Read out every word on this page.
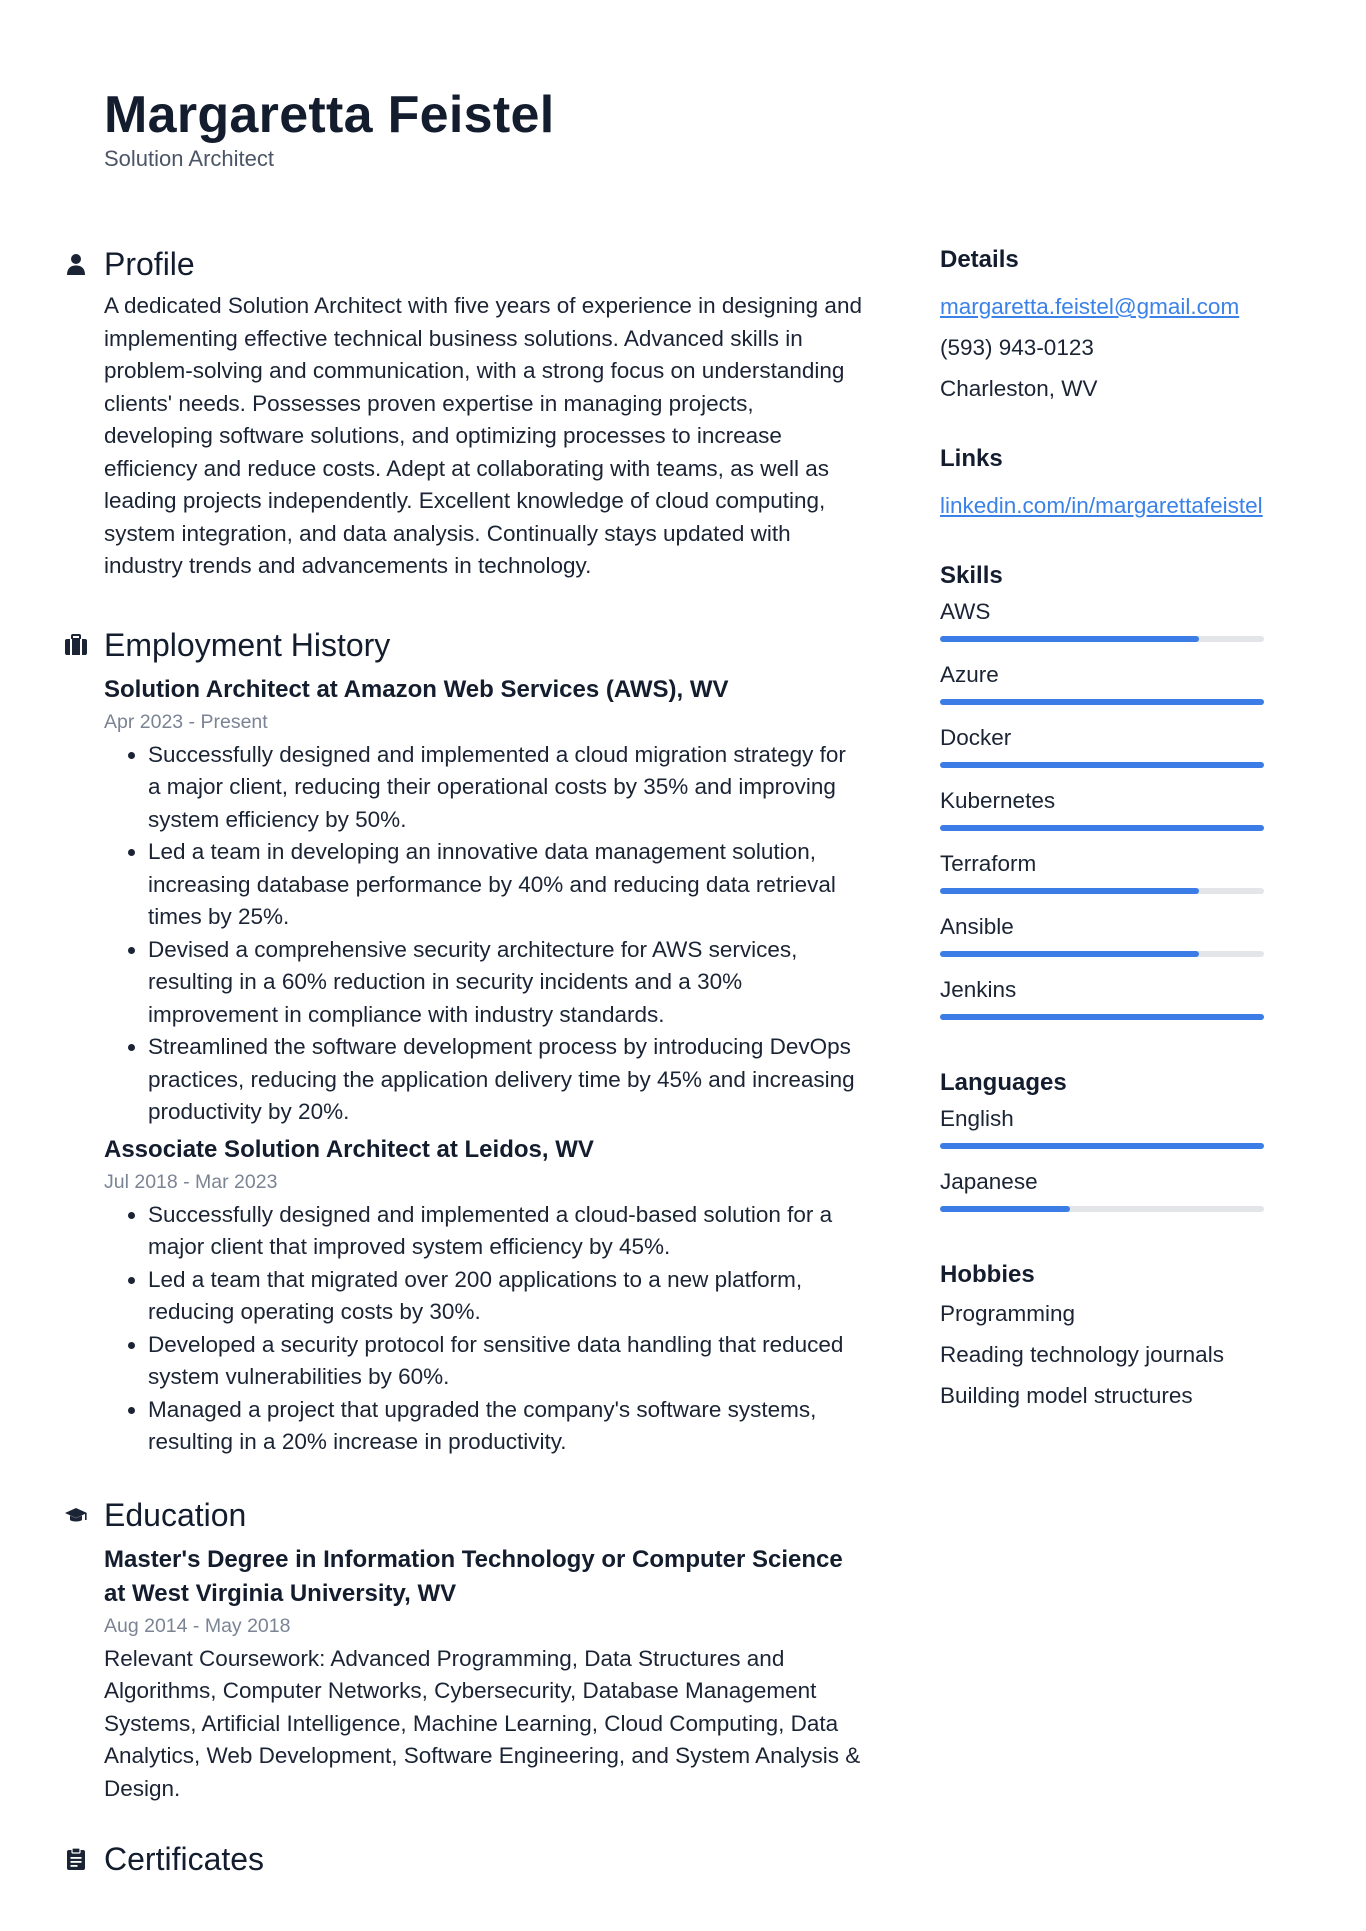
Margaretta Feistel
Solution Architect
Profile
A dedicated Solution Architect with five years of experience in designing and implementing effective technical business solutions. Advanced skills in problem-solving and communication, with a strong focus on understanding clients' needs. Possesses proven expertise in managing projects, developing software solutions, and optimizing processes to increase efficiency and reduce costs. Adept at collaborating with teams, as well as leading projects independently. Excellent knowledge of cloud computing, system integration, and data analysis. Continually stays updated with industry trends and advancements in technology.
Employment History
Solution Architect at Amazon Web Services (AWS), WV
Apr 2023 - Present
• Successfully designed and implemented a cloud migration strategy for a major client, reducing their operational costs by 35% and improving system efficiency by 50%.
• Led a team in developing an innovative data management solution, increasing database performance by 40% and reducing data retrieval times by 25%.
• Devised a comprehensive security architecture for AWS services, resulting in a 60% reduction in security incidents and a 30% improvement in compliance with industry standards.
• Streamlined the software development process by introducing DevOps practices, reducing the application delivery time by 45% and increasing productivity by 20%.
Associate Solution Architect at Leidos, WV
Jul 2018 - Mar 2023
• Successfully designed and implemented a cloud-based solution for a major client that improved system efficiency by 45%.
• Led a team that migrated over 200 applications to a new platform, reducing operating costs by 30%.
• Developed a security protocol for sensitive data handling that reduced system vulnerabilities by 60%.
• Managed a project that upgraded the company's software systems, resulting in a 20% increase in productivity.
Education
Master's Degree in Information Technology or Computer Science at West Virginia University, WV
Aug 2014 - May 2018
Relevant Coursework: Advanced Programming, Data Structures and Algorithms, Computer Networks, Cybersecurity, Database Management Systems, Artificial Intelligence, Machine Learning, Cloud Computing, Data Analytics, Web Development, Software Engineering, and System Analysis & Design.
Certificates
Details
margaretta.feistel@gmail.com
(593) 943-0123
Charleston, WV
Links
linkedin.com/in/margarettafeistel
Skills
AWS
Azure
Docker
Kubernetes
Terraform
Ansible
Jenkins
Languages
English
Japanese
Hobbies
Programming
Reading technology journals
Building model structures
